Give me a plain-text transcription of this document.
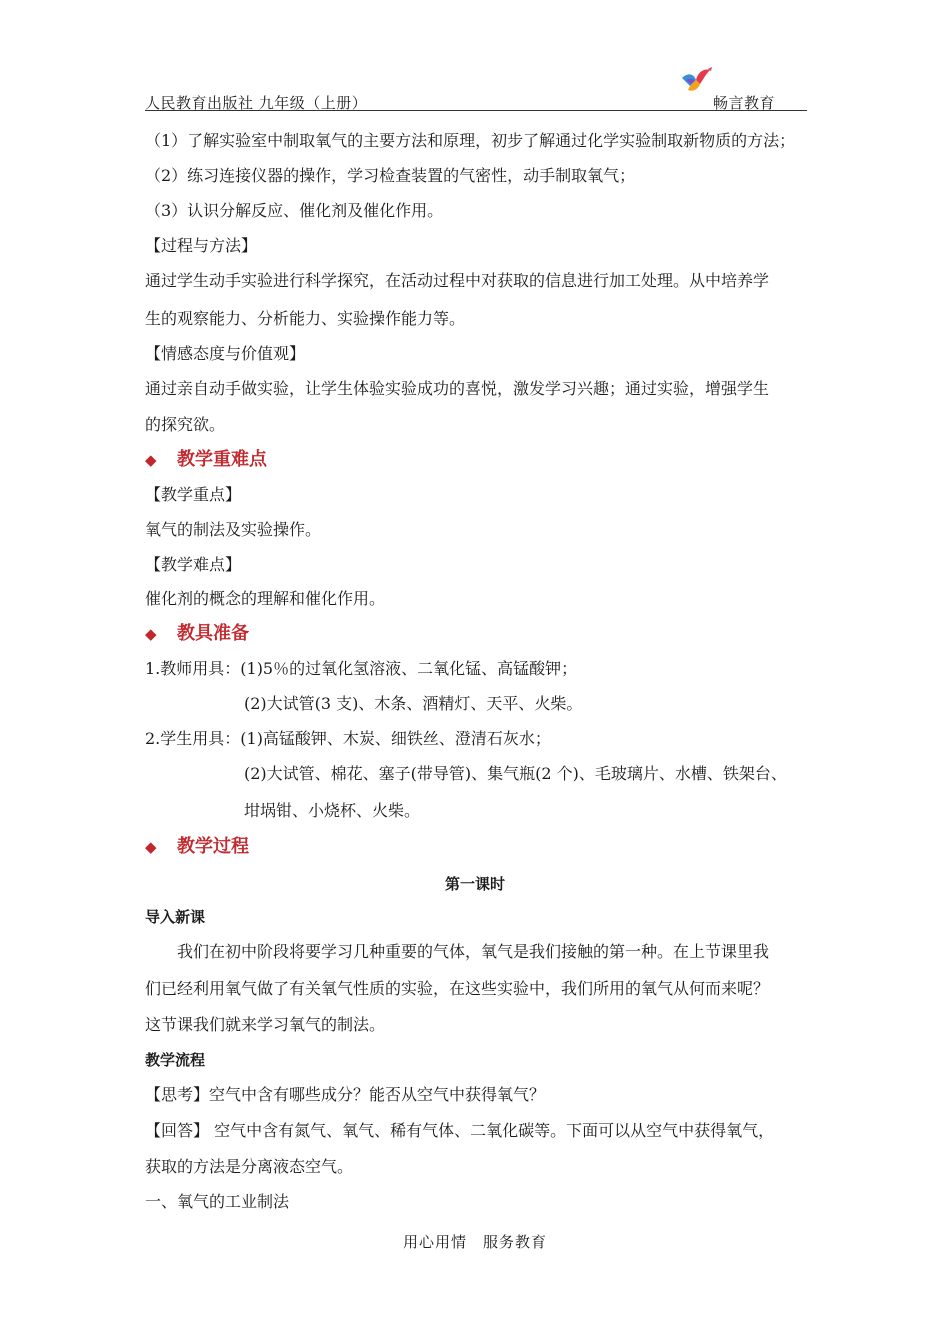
人民教育出版社 九年级（上册）	畅言教育
（1）了解实验室中制取氧气的主要方法和原理，初步了解通过化学实验制取新物质的方法；
（2）练习连接仪器的操作，学习检查装置的气密性，动手制取氧气；
（3）认识分解反应、催化剂及催化作用。
【过程与方法】
通过学生动手实验进行科学探究，在活动过程中对获取的信息进行加工处理。从中培养学
生的观察能力、分析能力、实验操作能力等。
【情感态度与价值观】
通过亲自动手做实验，让学生体验实验成功的喜悦，激发学习兴趣；通过实验，增强学生
的探究欲。
◆ 教学重难点
【教学重点】
氧气的制法及实验操作。
【教学难点】
催化剂的概念的理解和催化作用。
◆ 教具准备
1.教师用具：(1)5％的过氧化氢溶液、二氧化锰、高锰酸钾；
(2)大试管(3 支)、木条、酒精灯、天平、火柴。
2.学生用具：(1)高锰酸钾、木炭、细铁丝、澄清石灰水；
(2)大试管、棉花、塞子(带导管)、集气瓶(2 个)、毛玻璃片、水槽、铁架台、
坩埚钳、小烧杯、火柴。
◆ 教学过程
第一课时
导入新课
我们在初中阶段将要学习几种重要的气体，氧气是我们接触的第一种。在上节课里我
们已经利用氧气做了有关氧气性质的实验，在这些实验中，我们所用的氧气从何而来呢？
这节课我们就来学习氧气的制法。
教学流程
【思考】空气中含有哪些成分？能否从空气中获得氧气？
【回答】 空气中含有氮气、氧气、稀有气体、二氧化碳等。下面可以从空气中获得氧气，
获取的方法是分离液态空气。
一、氧气的工业制法
用心用情 服务教育
